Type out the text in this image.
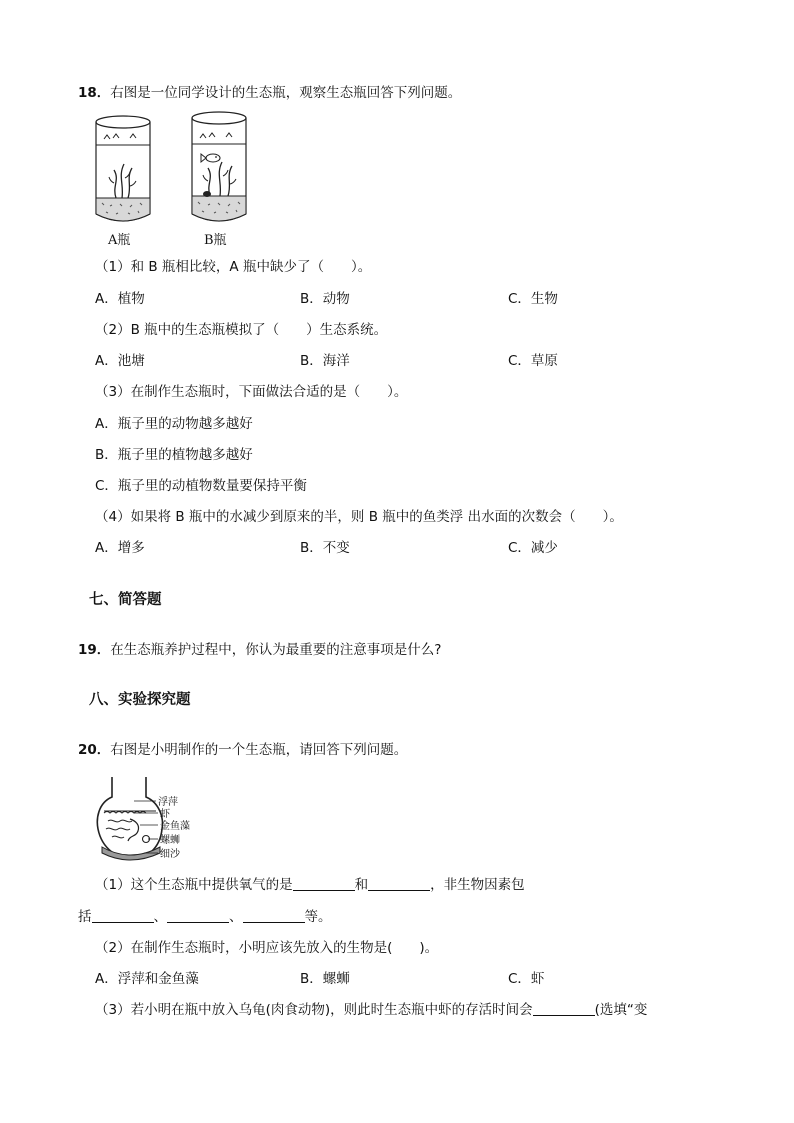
18．右图是一位同学设计的生态瓶，观察生态瓶回答下列问题。
A瓶	B瓶
（1）和 B 瓶相比较，A 瓶中缺少了（　　）。
A．植物	B．动物	C．生物
（2）B 瓶中的生态瓶模拟了（　　）生态系统。
A．池塘	B．海洋	C．草原
（3）在制作生态瓶时，下面做法合适的是（　　）。
A．瓶子里的动物越多越好
B．瓶子里的植物越多越好
C．瓶子里的动植物数量要保持平衡
（4）如果将 B 瓶中的水减少到原来的半，则 B 瓶中的鱼类浮 出水面的次数会（　　）。
A．增多	B．不变	C．减少
七、简答题
19．在生态瓶养护过程中，你认为最重要的注意事项是什么?
八、实验探究题
20．右图是小明制作的一个生态瓶，请回答下列问题。
浮萍
虾
金鱼藻
螺蛳
细沙
（1）这个生态瓶中提供氧气的是	和	，非生物因素包
括	、	、	等。
（2）在制作生态瓶时，小明应该先放入的生物是(　　)。
A．浮萍和金鱼藻	B．螺蛳	C．虾
（3）若小明在瓶中放入乌龟(肉食动物)，则此时生态瓶中虾的存活时间会	(选填“变
